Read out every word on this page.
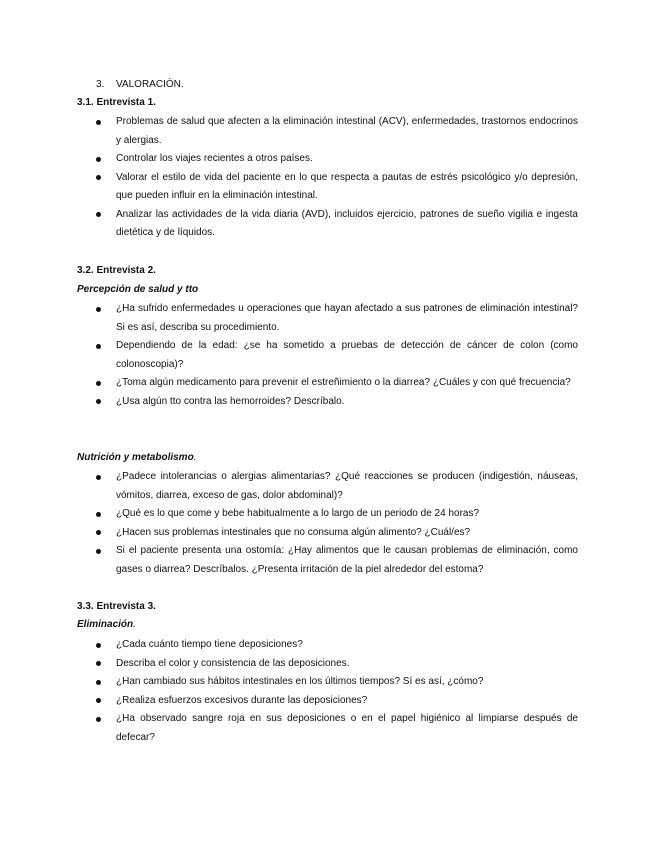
3. VALORACIÓN.
3.1. Entrevista 1.
Problemas de salud que afecten a la eliminación intestinal (ACV), enfermedades, trastornos endocrinos y alergias.
Controlar los viajes recientes a otros países.
Valorar el estilo de vida del paciente en lo que respecta a pautas de estrés psicológico y/o depresión, que pueden influir en la eliminación intestinal.
Analizar las actividades de la vida diaria (AVD), incluidos ejercicio, patrones de sueño vigilia e ingesta dietética y de líquidos.
3.2. Entrevista 2.
Percepción de salud y tto
¿Ha sufrido enfermedades u operaciones que hayan afectado a sus patrones de eliminación intestinal? Si es así, describa su procedimiento.
Dependiendo de la edad: ¿se ha sometido a pruebas de detección de cáncer de colon (como colonoscopia)?
¿Toma algún medicamento para prevenir el estreñimiento o la diarrea? ¿Cuáles y con qué frecuencia?
¿Usa algún tto contra las hemorroides? Descríbalo.
Nutrición y metabolismo.
¿Padece intolerancias o alergias alimentarias? ¿Qué reacciones se producen (indigestión, náuseas, vómitos, diarrea, exceso de gas, dolor abdominal)?
¿Qué es lo que come y bebe habitualmente a lo largo de un periodo de 24 horas?
¿Hacen sus problemas intestinales que no consuma algún alimento? ¿Cuál/es?
Si el paciente presenta una ostomía: ¿Hay alimentos que le causan problemas de eliminación, como gases o diarrea? Descríbalos. ¿Presenta irritación de la piel alrededor del estoma?
3.3. Entrevista 3.
Eliminación.
¿Cada cuánto tiempo tiene deposiciones?
Describa el color y consistencia de las deposiciones.
¿Han cambiado sus hábitos intestinales en los últimos tiempos? Sí es así, ¿cómo?
¿Realiza esfuerzos excesivos durante las deposiciones?
¿Ha observado sangre roja en sus deposiciones o en el papel higiénico al limpiarse después de defecar?
